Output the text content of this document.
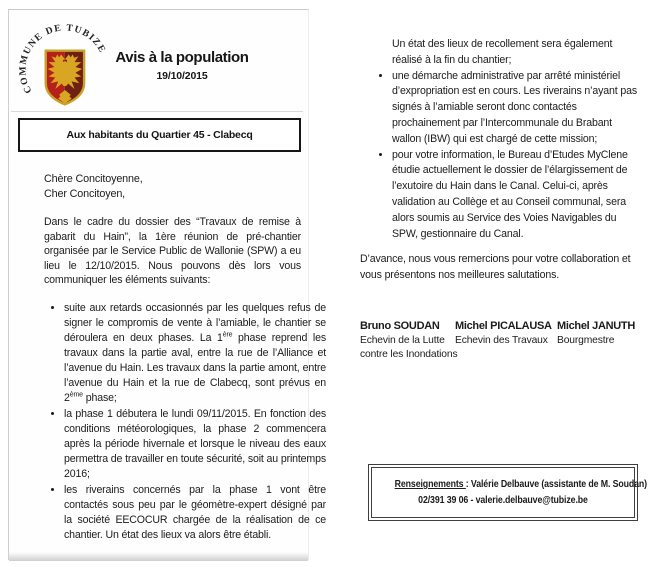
COMMUNE DE TUBIZE Avis à la population
19/10/2015
Aux habitants du Quartier 45 - Clabecq
Chère Concitoyenne,
Cher Concitoyen,
Dans le cadre du dossier des “Travaux de remise à gabarit du Hain”, la 1ère réunion de pré-chantier organisée par le Service Public de Wallonie (SPW) a eu lieu le 12/10/2015. Nous pouvons dès lors vous communiquer les éléments suivants:
• suite aux retards occasionnés par les quelques refus de signer le compromis de vente à l’amiable, le chantier se déroulera en deux phases. La 1ère phase reprend les travaux dans la partie aval, entre la rue de l’Alliance et l’avenue du Hain. Les travaux dans la partie amont, entre l’avenue du Hain et la rue de Clabecq, sont prévus en 2ème phase;
• la phase 1 débutera le lundi 09/11/2015. En fonction des conditions météorologiques, la phase 2 commencera après la période hivernale et lorsque le niveau des eaux permettra de travailler en toute sécurité, soit au printemps 2016;
• les riverains concernés par la phase 1 vont être contactés sous peu par le géomètre-expert désigné par la société EECOCUR chargée de la réalisation de ce chantier. Un état des lieux va alors être établi.
Un état des lieux de recollement sera également réalisé à la fin du chantier;
• une démarche administrative par arrêté ministériel d’expropriation est en cours. Les riverains n’ayant pas signés à l’amiable seront donc contactés prochainement par l’Intercommunale du Brabant wallon (IBW) qui est chargé de cette mission;
• pour votre information, le Bureau d’Etudes MyClene étudie actuellement le dossier de l’élargissement de l’exutoire du Hain dans le Canal. Celui-ci, après validation au Collège et au Conseil communal, sera alors soumis au Service des Voies Navigables du SPW, gestionnaire du Canal.
D’avance, nous vous remercions pour votre collaboration et vous présentons nos meilleures salutations.
Bruno SOUDAN
Echevin de la Lutte contre les Inondations
Michel PICALAUSA
Echevin des Travaux
Michel JANUTH
Bourgmestre
Renseignements : Valérie Delbauve (assistante de M. Soudan)
02/391 39 06 - valerie.delbauve@tubize.be
